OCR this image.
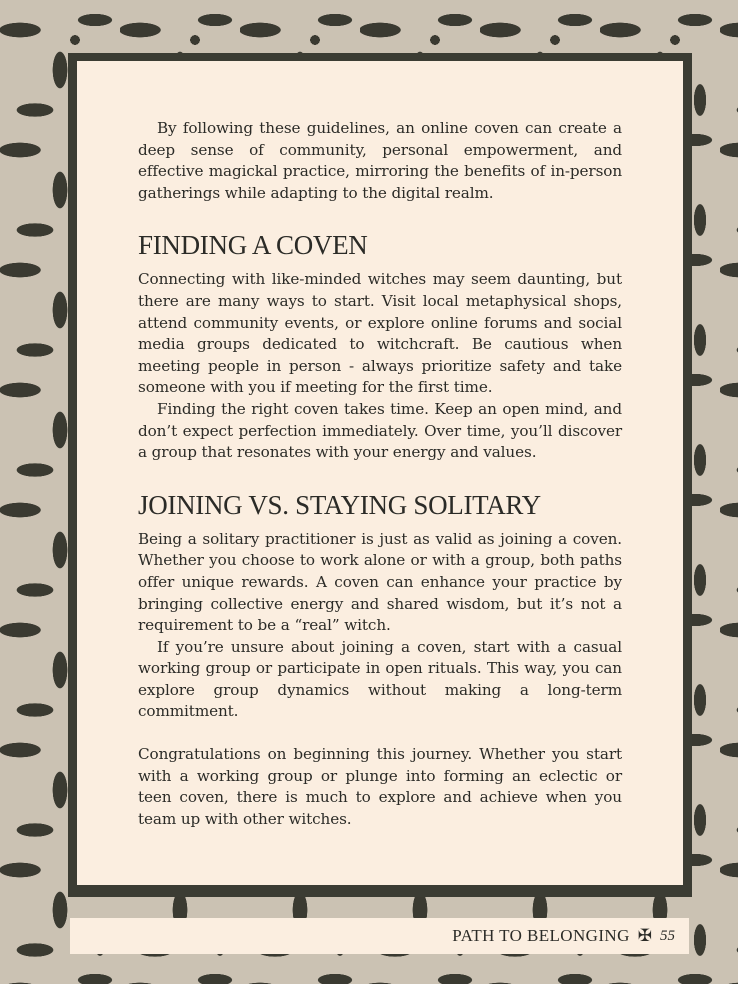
By following these guidelines, an online coven can create a deep sense of community, personal empowerment, and effective magickal practice, mirroring the benefits of in-person gatherings while adapting to the digital realm.

FINDING A COVEN

Connecting with like-minded witches may seem daunting, but there are many ways to start. Visit local metaphysical shops, attend community events, or explore online forums and social media groups dedicated to witchcraft. Be cautious when meeting people in person - always prioritize safety and take someone with you if meeting for the first time.

Finding the right coven takes time. Keep an open mind, and don’t expect perfection immediately. Over time, you’ll discover a group that resonates with your energy and values.

JOINING VS. STAYING SOLITARY

Being a solitary practitioner is just as valid as joining a coven. Whether you choose to work alone or with a group, both paths offer unique rewards. A coven can enhance your practice by bringing collective energy and shared wisdom, but it’s not a requirement to be a “real” witch.

If you’re unsure about joining a coven, start with a casual working group or participate in open rituals. This way, you can explore group dynamics without making a long-term commitment.

Congratulations on beginning this journey. Whether you start with a working group or plunge into forming an eclectic or teen coven, there is much to explore and achieve when you team up with other witches.

PATH TO BELONGING ✠ 55
